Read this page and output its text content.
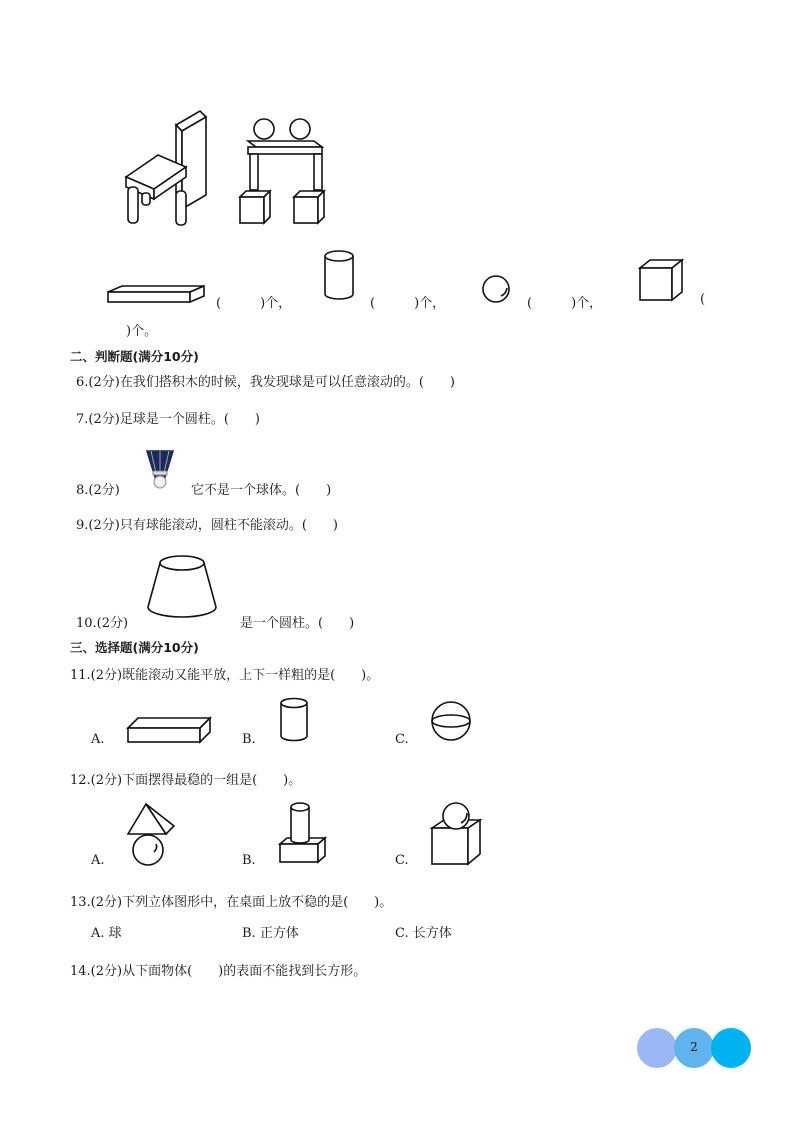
(　　　)个，	(　　　)个，	(　　　)个，	(
)个。
二、判断题(满分10分)
6.(2分)在我们搭积木的时候，我发现球是可以任意滚动的。(　　)
7.(2分)足球是一个圆柱。(　　)
8.(2分)	它不是一个球体。(　　)
9.(2分)只有球能滚动，圆柱不能滚动。(　　)
10.(2分)	是一个圆柱。(　　)
三、选择题(满分10分)
11.(2分)既能滚动又能平放，上下一样粗的是(　　)。
A.	B.	C.
12.(2分)下面摆得最稳的一组是(　　)。
A.	B.	C.
13.(2分)下列立体图形中，在桌面上放不稳的是(　　)。
A. 球	B. 正方体	C. 长方体
14.(2分)从下面物体(　　)的表面不能找到长方形。
2
